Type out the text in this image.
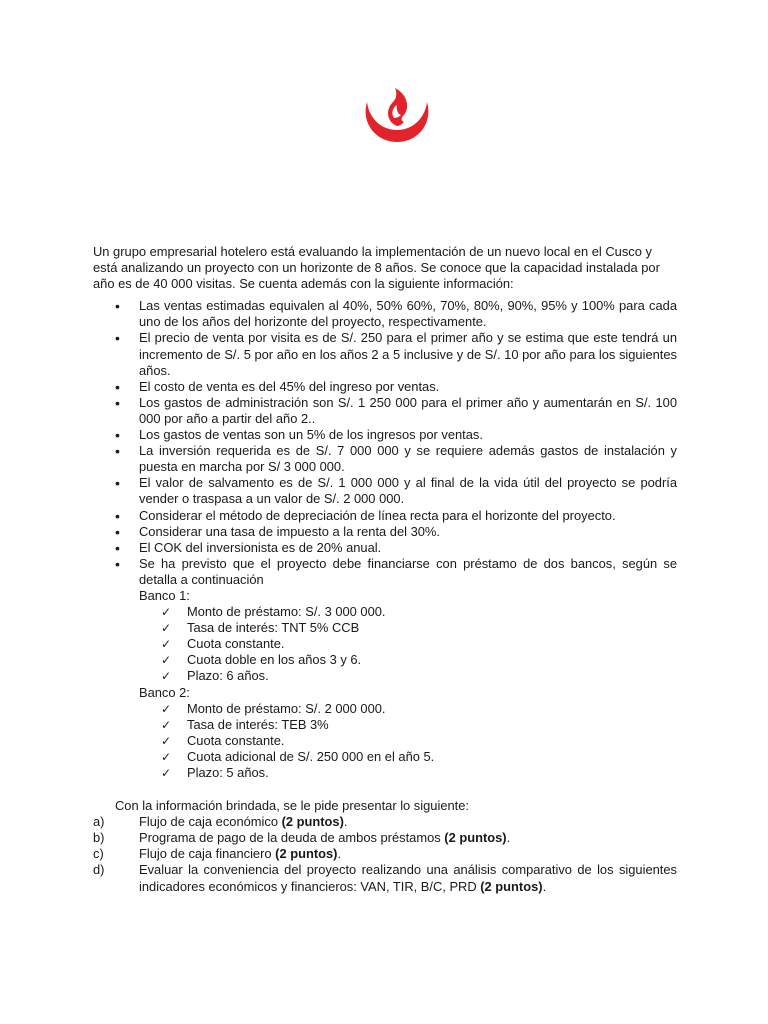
Un grupo empresarial hotelero está evaluando la implementación de un nuevo local en el Cusco y está analizando un proyecto con un horizonte de 8 años. Se conoce que la capacidad instalada por año es de 40 000 visitas. Se cuenta además con la siguiente información:

• Las ventas estimadas equivalen al 40%, 50% 60%, 70%, 80%, 90%, 95% y 100% para cada uno de los años del horizonte del proyecto, respectivamente.
• El precio de venta por visita es de S/. 250 para el primer año y se estima que este tendrá un incremento de S/. 5 por año en los años 2 a 5 inclusive y de S/. 10 por año para los siguientes años.
• El costo de venta es del 45% del ingreso por ventas.
• Los gastos de administración son S/. 1 250 000 para el primer año y aumentarán en S/. 100 000 por año a partir del año 2..
• Los gastos de ventas son un 5% de los ingresos por ventas.
• La inversión requerida es de S/. 7 000 000 y se requiere además gastos de instalación y puesta en marcha por S/ 3 000 000.
• El valor de salvamento es de S/. 1 000 000 y al final de la vida útil del proyecto se podría vender o traspasa a un valor de S/. 2 000 000.
• Considerar el método de depreciación de línea recta para el horizonte del proyecto.
• Considerar una tasa de impuesto a la renta del 30%.
• El COK del inversionista es de 20% anual.
• Se ha previsto que el proyecto debe financiarse con préstamo de dos bancos, según se detalla a continuación
Banco 1:
✓ Monto de préstamo: S/. 3 000 000.
✓ Tasa de interés: TNT 5% CCB
✓ Cuota constante.
✓ Cuota doble en los años 3 y 6.
✓ Plazo: 6 años.
Banco 2:
✓ Monto de préstamo: S/. 2 000 000.
✓ Tasa de interés: TEB 3%
✓ Cuota constante.
✓ Cuota adicional de S/. 250 000 en el año 5.
✓ Plazo: 5 años.

Con la información brindada, se le pide presentar lo siguiente:

a)	Flujo de caja económico (2 puntos).
b)	Programa de pago de la deuda de ambos préstamos (2 puntos).
c)	Flujo de caja financiero (2 puntos).
d)	Evaluar la conveniencia del proyecto realizando una análisis comparativo de los siguientes indicadores económicos y financieros: VAN, TIR, B/C, PRD (2 puntos).
